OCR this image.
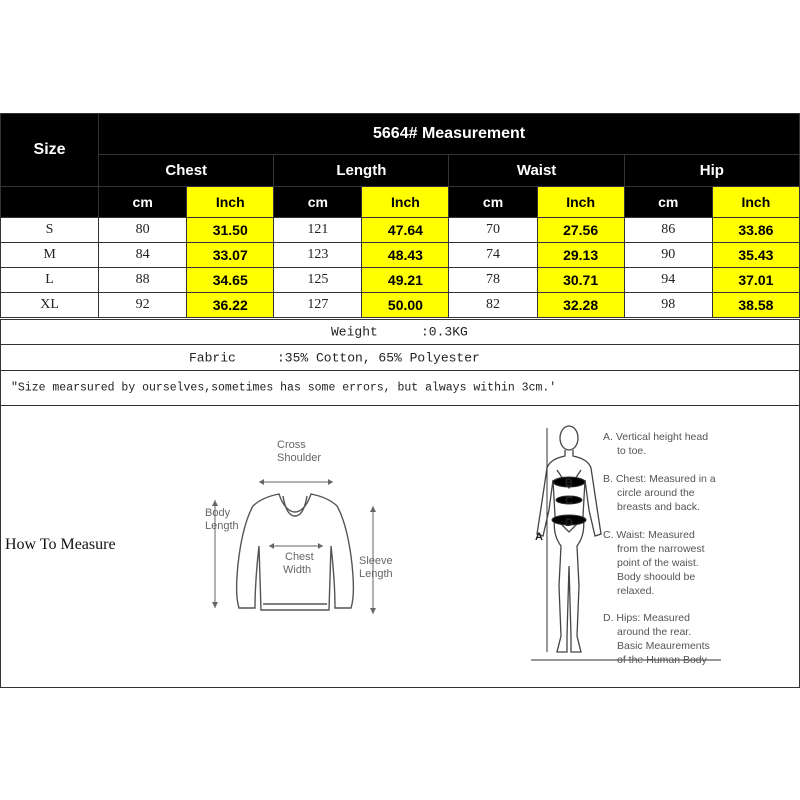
Size	5664# Measurement							
	Chest		Length		Waist		Hip	
	cm	Inch	cm	Inch	cm	Inch	cm	Inch
S	80	31.50	121	47.64	70	27.56	86	33.86
M	84	33.07	123	48.43	74	29.13	90	35.43
L	88	34.65	125	49.21	78	30.71	94	37.01
XL	92	36.22	127	50.00	82	32.28	98	38.58
Weight	:0.3KG
Fabric	:35% Cotton, 65% Polyester
"Size mearsured by ourselves,sometimes has some errors, but always within 3cm.'
How To Measure
Cross
Shoulder
Body
Length
Chest
Width
Sleeve
Length
A
B
C
D
A. Vertical height head
to toe.
B. Chest: Measured in a
circle around the
breasts and back.
C. Waist: Measured
from the narrowest
point of the waist.
Body shoould be
relaxed.
D. Hips: Measured
around the rear.
Basic Meaurements
of the Human Body
